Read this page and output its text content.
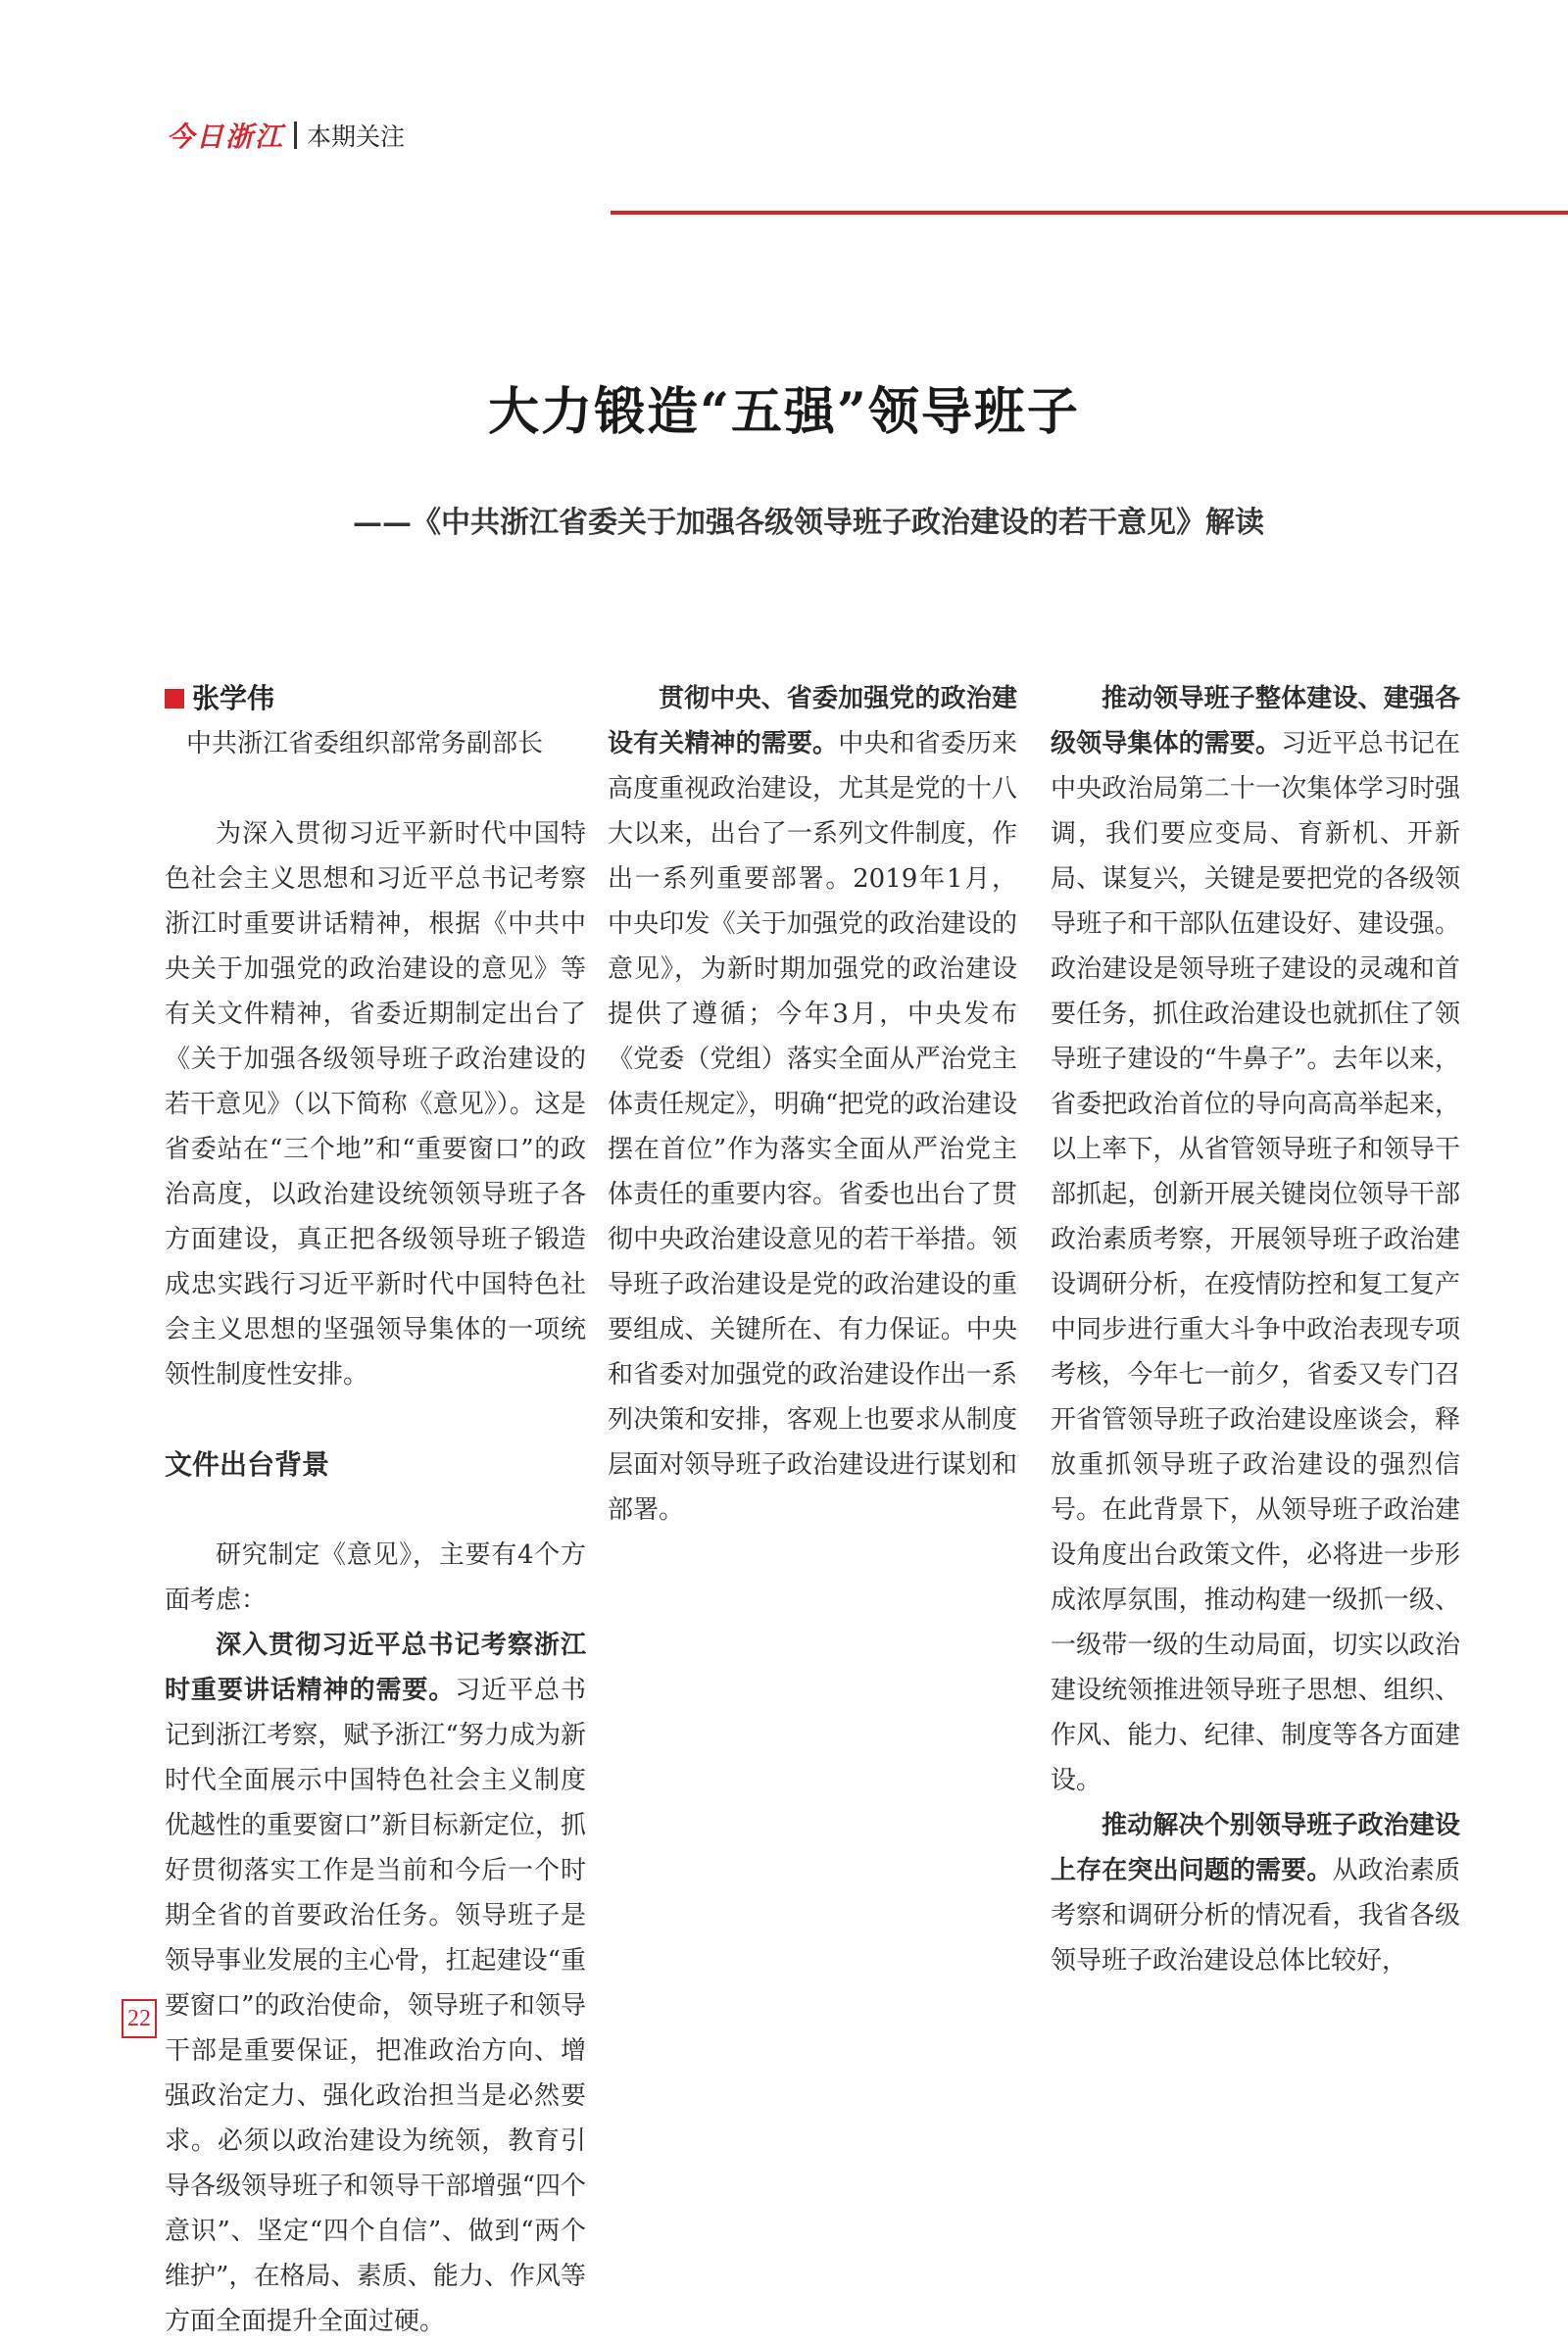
今日浙江 本期关注
大力锻造“五强”领导班子
——《中共浙江省委关于加强各级领导班子政治建设的若干意见》解读

张学伟

中共浙江省委组织部常务副部长

为深入贯彻习近平新时代中国特色社会主义思想和习近平总书记考察浙江时重要讲话精神，根据《中共中央关于加强党的政治建设的意见》等有关文件精神，省委近期制定出台了《关于加强各级领导班子政治建设的若干意见》（以下简称《意见》）。这是省委站在“三个地”和“重要窗口”的政治高度，以政治建设统领领导班子各方面建设，真正把各级领导班子锻造成忠实践行习近平新时代中国特色社会主义思想的坚强领导集体的一项统领性制度性安排。

文件出台背景

研究制定《意见》，主要有4个方面考虑：

深入贯彻习近平总书记考察浙江时重要讲话精神的需要。习近平总书记到浙江考察，赋予浙江“努力成为新时代全面展示中国特色社会主义制度优越性的重要窗口”新目标新定位，抓好贯彻落实工作是当前和今后一个时期全省的首要政治任务。领导班子是领导事业发展的主心骨，扛起建设“重要窗口”的政治使命，领导班子和领导干部是重要保证，把准政治方向、增强政治定力、强化政治担当是必然要求。必须以政治建设为统领，教育引导各级领导班子和领导干部增强“四个意识”、坚定“四个自信”、做到“两个维护”，在格局、素质、能力、作风等方面全面提升全面过硬。

贯彻中央、省委加强党的政治建设有关精神的需要。中央和省委历来高度重视政治建设，尤其是党的十八大以来，出台了一系列文件制度，作出一系列重要部署。2019年1月，中央印发《关于加强党的政治建设的意见》，为新时期加强党的政治建设提供了遵循；今年3月，中央发布《党委（党组）落实全面从严治党主体责任规定》，明确“把党的政治建设摆在首位”作为落实全面从严治党主体责任的重要内容。省委也出台了贯彻中央政治建设意见的若干举措。领导班子政治建设是党的政治建设的重要组成、关键所在、有力保证。中央和省委对加强党的政治建设作出一系列决策和安排，客观上也要求从制度层面对领导班子政治建设进行谋划和部署。

推动领导班子整体建设、建强各级领导集体的需要。习近平总书记在中央政治局第二十一次集体学习时强调，我们要应变局、育新机、开新局、谋复兴，关键是要把党的各级领导班子和干部队伍建设好、建设强。政治建设是领导班子建设的灵魂和首要任务，抓住政治建设也就抓住了领导班子建设的“牛鼻子”。去年以来，省委把政治首位的导向高高举起来，以上率下，从省管领导班子和领导干部抓起，创新开展关键岗位领导干部政治素质考察，开展领导班子政治建设调研分析，在疫情防控和复工复产中同步进行重大斗争中政治表现专项考核，今年七一前夕，省委又专门召开省管领导班子政治建设座谈会，释放重抓领导班子政治建设的强烈信号。在此背景下，从领导班子政治建设角度出台政策文件，必将进一步形成浓厚氛围，推动构建一级抓一级、一级带一级的生动局面，切实以政治建设统领推进领导班子思想、组织、作风、能力、纪律、制度等各方面建设。

推动解决个别领导班子政治建设上存在突出问题的需要。从政治素质考察和调研分析的情况看，我省各级领导班子政治建设总体比较好，

22
